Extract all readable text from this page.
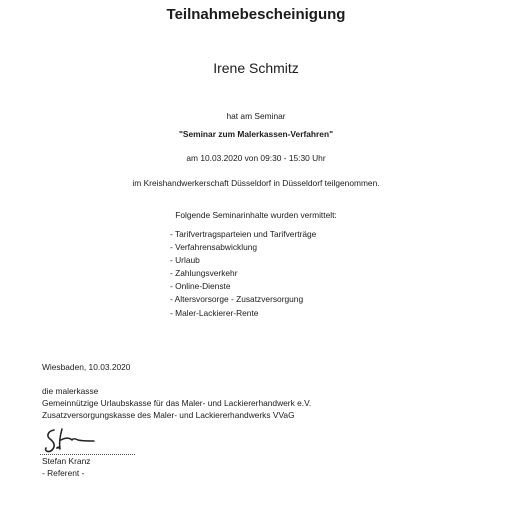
Teilnahmebescheinigung
Irene Schmitz
hat am Seminar
"Seminar zum Malerkassen-Verfahren"
am 10.03.2020 von 09:30 - 15:30 Uhr
im Kreishandwerkerschaft Düsseldorf in Düsseldorf teilgenommen.
Folgende Seminarinhalte wurden vermittelt:
- Tarifvertragsparteien und Tarifverträge
- Verfahrensabwicklung
- Urlaub
- Zahlungsverkehr
- Online-Dienste
- Altersvorsorge - Zusatzversorgung
- Maler-Lackierer-Rente
Wiesbaden, 10.03.2020
die malerkasse
Gemeinnützige Urlaubskasse für das Maler- und Lackiererhandwerk e.V.
Zusatzversorgungskasse des Maler- und Lackiererhandwerks VVaG
Stefan Kranz
- Referent -
